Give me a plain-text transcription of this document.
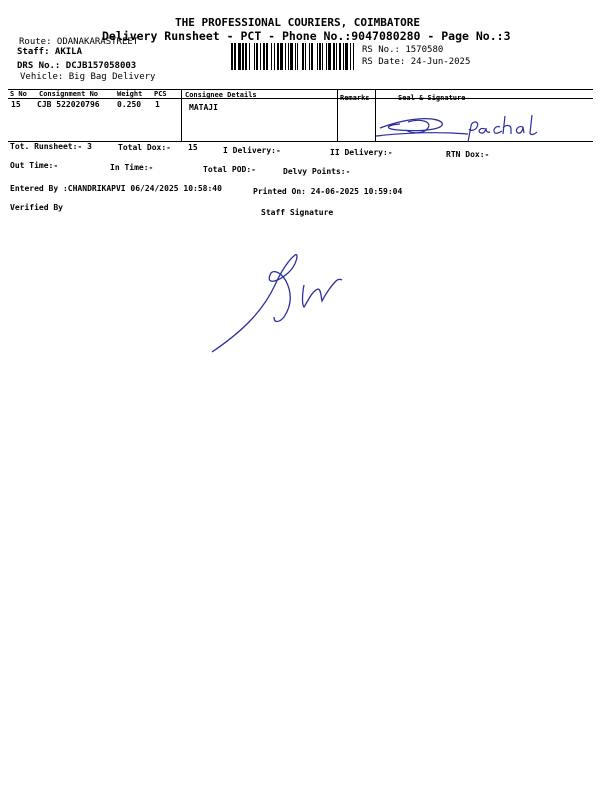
THE PROFESSIONAL COURIERS, COIMBATORE
Delivery Runsheet - PCT - Phone No.:9047080280 - Page No.:3
Route: ODANAKARASTREET
Staff: AKILA
DRS No.: DCJB157058003
Vehicle: Big Bag Delivery
RS No.: 1570580
RS Date: 24-Jun-2025
S No Consignment No	Weight PCS	Consignee Details	Remarks	Seal & Signature
15 CJB 522020796 0.250 1	MATAJI
Tot. Runsheet:- 3	Total Dox:- 15	I Delivery:-	II Delivery:-	RTN Dox:-
Out Time:-	In Time:-	Total POD:-	Delvy Points:-
Entered By :CHANDRIKAPVI 06/24/2025 10:58:40	Printed On: 24-06-2025 10:59:04
Verified By
Staff Signature
